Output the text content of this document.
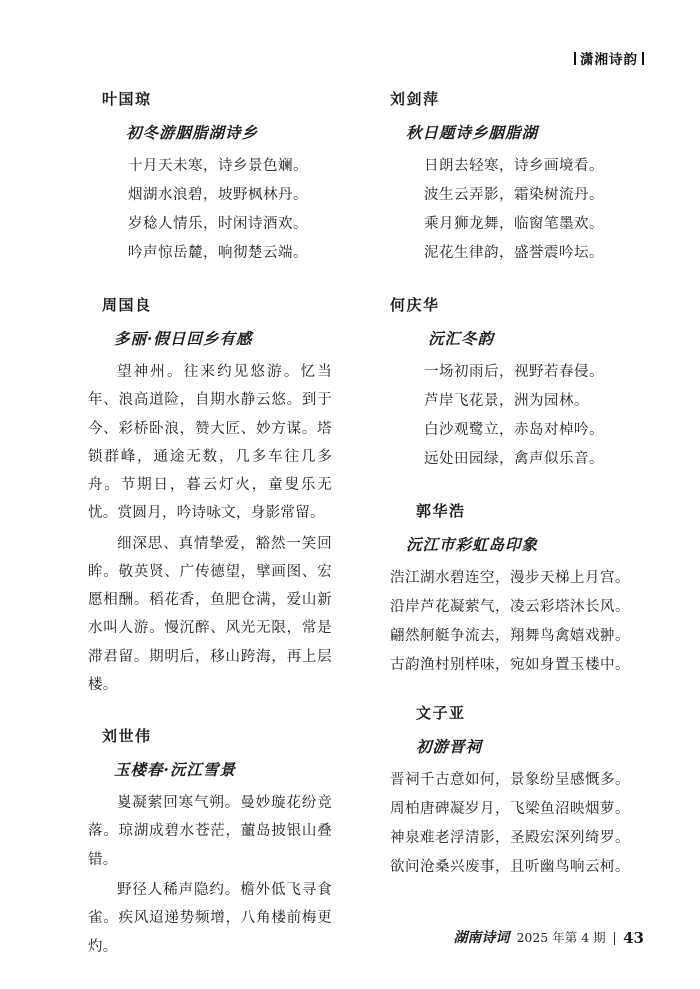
潇湘诗韵
叶国琼
初冬游胭脂湖诗乡
十月天未寒，诗乡景色斓。
烟湖水浪碧，坡野枫林丹。
岁稔人情乐，时闲诗酒欢。
吟声惊岳麓，响彻楚云端。
周国良
多丽·假日回乡有感

望神州。往来约见悠游。忆当年、浪高道险，自期水静云悠。到于今、彩桥卧浪，赞大匠、妙方谋。塔锁群峰，通途无数，几多车往几多舟。节期日，暮云灯火，童叟乐无忧。赏圆月，吟诗咏文，身影常留。

细深思、真情挚爱，豁然一笑回眸。敬英贤、广传德望，擘画图、宏愿相酬。稻花香，鱼肥仓满，爱山新水叫人游。慢沉醉、风光无限，常是滞君留。期明后，移山跨海，再上层楼。

刘世伟
玉楼春·沅江雪景

嵏凝萦回寒气朔。曼妙璇花纷竞落。琼湖成碧水苍茫，蘁岛披银山叠错。

野径人稀声隐约。檐外低飞寻食雀。疾风迢递势频增，八角楼前梅更灼。

刘剑萍
秋日题诗乡胭脂湖
日朗去轻寒，诗乡画境看。
波生云弄影，霜染树流丹。
乘月狮龙舞，临窗笔墨欢。
泥花生律韵，盛誉震吟坛。
何庆华
沅汇冬韵
一场初雨后，视野若春侵。
芦岸飞花景，洲为园林。
白沙观鹭立，赤岛对棹吟。
远处田园绿，禽声似乐音。
郭华浩
沅江市彩虹岛印象
浩江湖水碧连空，漫步天梯上月宫。
沿岸芦花凝萦气，凌云彩塔沐长风。
翩然舸艇争流去，翔舞鸟禽嬉戏翀。
古韵渔村别样味，宛如身置玉楼中。
文子亚
初游晋祠
晋祠千古意如何，景象纷呈感慨多。
周柏唐碑凝岁月，飞梁鱼沼映烟萝。
神泉难老浮清影，圣殿宏深列绮罗。
欲问沧桑兴废事，且听幽鸟响云柯。
湖南诗词 2025 年第 4 期 43
